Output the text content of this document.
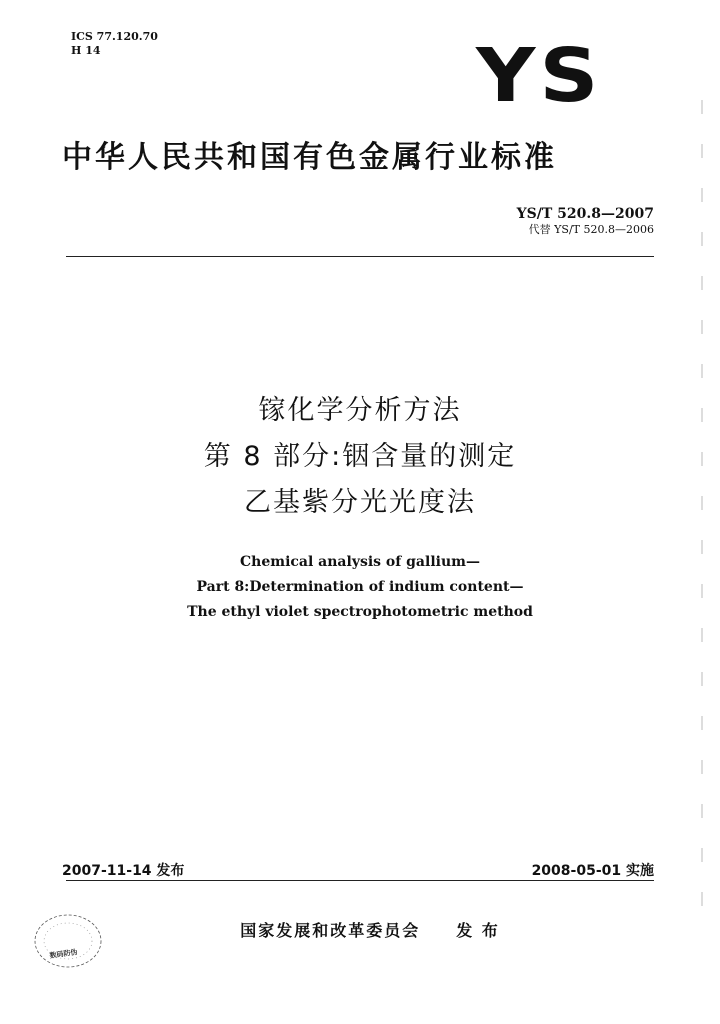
ICS 77.120.70
H 14	YS
中华人民共和国有色金属行业标准
YS/T 520.8—2007
代替 YS/T 520.8—2006
镓化学分析方法
第 8 部分:铟含量的测定
乙基紫分光光度法
Chemical analysis of gallium—
Part 8:Determination of indium content—
The ethyl violet spectrophotometric method
2007-11-14 发布	2008-05-01 实施
国家发展和改革委员会 发 布
数码防伪
